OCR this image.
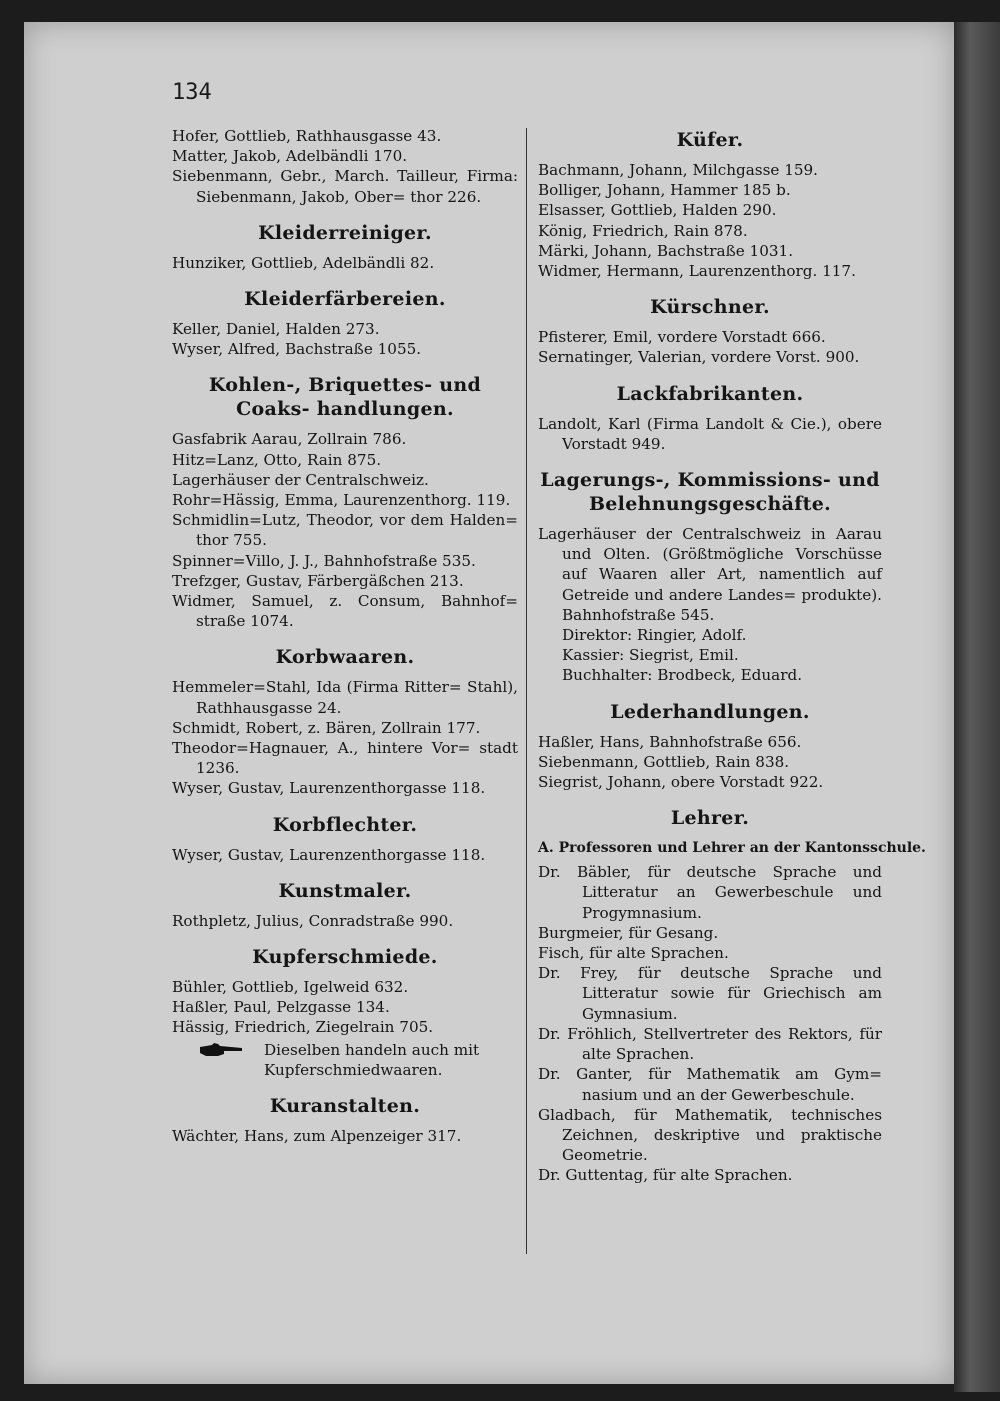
134

Hofer, Gottlieb, Rathhausgasse 43.

Matter, Jakob, Adelbändli 170.

Siebenmann, Gebr., March. Tailleur, Firma: Siebenmann, Jakob, Ober= thor 226.

Kleiderreiniger.

Hunziker, Gottlieb, Adelbändli 82.

Kleiderfärbereien.

Keller, Daniel, Halden 273.

Wyser, Alfred, Bachstraße 1055.

Kohlen-, Briquettes- und Coaks- handlungen.

Gasfabrik Aarau, Zollrain 786.

Hitz=Lanz, Otto, Rain 875.

Lagerhäuser der Centralschweiz.

Rohr=Hässig, Emma, Laurenzenthorg. 119.

Schmidlin=Lutz, Theodor, vor dem Halden= thor 755.

Spinner=Villo, J. J., Bahnhofstraße 535.

Trefzger, Gustav, Färbergäßchen 213.

Widmer, Samuel, z. Consum, Bahnhof= straße 1074.

Korbwaaren.

Hemmeler=Stahl, Ida (Firma Ritter= Stahl), Rathhausgasse 24.

Schmidt, Robert, z. Bären, Zollrain 177.

Theodor=Hagnauer, A., hintere Vor= stadt 1236.

Wyser, Gustav, Laurenzenthorgasse 118.

Korbflechter.

Wyser, Gustav, Laurenzenthorgasse 118.

Kunstmaler.

Rothpletz, Julius, Conradstraße 990.

Kupferschmiede.

Bühler, Gottlieb, Igelweid 632.

Haßler, Paul, Pelzgasse 134.

Hässig, Friedrich, Ziegelrain 705.

Dieselben handeln auch mit Kupferschmiedwaaren.
Kuranstalten.

Wächter, Hans, zum Alpenzeiger 317.

Küfer.

Bachmann, Johann, Milchgasse 159.

Bolliger, Johann, Hammer 185 b.

Elsasser, Gottlieb, Halden 290.

König, Friedrich, Rain 878.

Märki, Johann, Bachstraße 1031.

Widmer, Hermann, Laurenzenthorg. 117.

Kürschner.

Pfisterer, Emil, vordere Vorstadt 666.

Sernatinger, Valerian, vordere Vorst. 900.

Lackfabrikanten.

Landolt, Karl (Firma Landolt & Cie.), obere Vorstadt 949.

Lagerungs-, Kommissions- und Belehnungsgeschäfte.

Lagerhäuser der Centralschweiz in Aarau und Olten. (Größtmögliche Vorschüsse auf Waaren aller Art, namentlich auf Getreide und andere Landes= produkte). Bahnhofstraße 545.

Direktor: Ringier, Adolf.

Kassier: Siegrist, Emil.

Buchhalter: Brodbeck, Eduard.

Lederhandlungen.

Haßler, Hans, Bahnhofstraße 656.

Siebenmann, Gottlieb, Rain 838.

Siegrist, Johann, obere Vorstadt 922.

Lehrer.
A. Professoren und Lehrer an der Kantonsschule.

Dr. Bäbler, für deutsche Sprache und Litteratur an Gewerbeschule und Progymnasium.

Burgmeier, für Gesang.

Fisch, für alte Sprachen.

Dr. Frey, für deutsche Sprache und Litteratur sowie für Griechisch am Gymnasium.

Dr. Fröhlich, Stellvertreter des Rektors, für alte Sprachen.

Dr. Ganter, für Mathematik am Gym= nasium und an der Gewerbeschule.

Gladbach, für Mathematik, technisches Zeichnen, deskriptive und praktische Geometrie.

Dr. Guttentag, für alte Sprachen.
